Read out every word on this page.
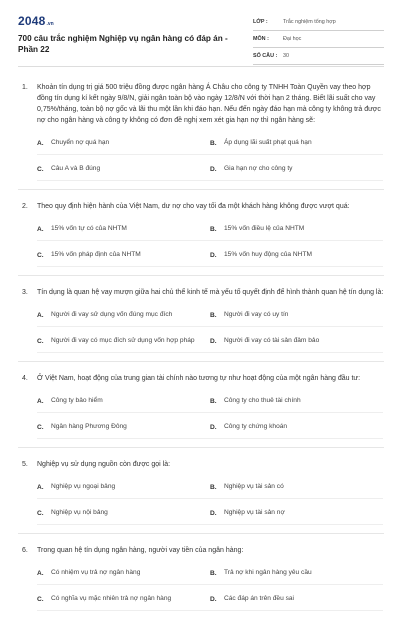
2048 .vn
700 câu trắc nghiệm Nghiệp vụ ngân hàng có đáp án - Phần 22
LỚP :	Trắc nghiệm tổng hợp
MÔN :	Đại học
SỐ CÂU :	30
1. Khoản tín dụng trị giá 500 triệu đồng được ngân hàng Á Châu cho công ty TNHH Toàn Quyền vay theo hợp đồng tín dụng kí kết ngày 9/8/N, giải ngân toàn bộ vào ngày 12/8/N với thời hạn 2 tháng. Biết lãi suất cho vay 0,75%/tháng, toàn bộ nợ gốc và lãi thu một lần khi đáo hạn. Nếu đến ngày đáo hạn mà công ty không trả được nợ cho ngân hàng và công ty không có đơn đề nghị xem xét gia hạn nợ thì ngân hàng sẽ:
A.	Chuyển nợ quá hạn	B.	Áp dụng lãi suất phạt quá hạn
C.	Câu A và B đúng	D.	Gia hạn nợ cho công ty
2. Theo quy định hiện hành của Việt Nam, dư nợ cho vay tối đa một khách hàng không được vượt quá:
A.	15% vốn tự có của NHTM	B.	15% vốn điều lệ của NHTM
C.	15% vốn pháp định của NHTM	D.	15% vốn huy động của NHTM
3. Tín dụng là quan hệ vay mượn giữa hai chủ thể kinh tế mà yếu tố quyết định để hình thành quan hệ tín dụng là:
A.	Người đi vay sử dụng vốn đúng mục đích	B.	Người đi vay có uy tín
C.	Người đi vay có mục đích sử dụng vốn hợp pháp D.	Người đi vay có tài sản đảm bảo
4. Ở Việt Nam, hoạt động của trung gian tài chính nào tương tự như hoạt động của một ngân hàng đầu tư:
A.	Công ty bảo hiểm	B.	Công ty cho thuê tài chính
C.	Ngân hàng Phương Đông	D.	Công ty chứng khoán
5. Nghiệp vụ sử dụng nguồn còn được gọi là:
A.	Nghiệp vụ ngoại bảng	B.	Nghiệp vụ tài sản có
C.	Nghiệp vụ nội bảng	D.	Nghiệp vụ tài sản nợ
6. Trong quan hệ tín dụng ngân hàng, người vay tiền của ngân hàng:
A.	Có nhiệm vụ trả nợ ngân hàng	B.	Trả nợ khi ngân hàng yêu cầu
C.	Có nghĩa vụ mặc nhiên trả nợ ngân hàng	D.	Các đáp án trên đều sai
